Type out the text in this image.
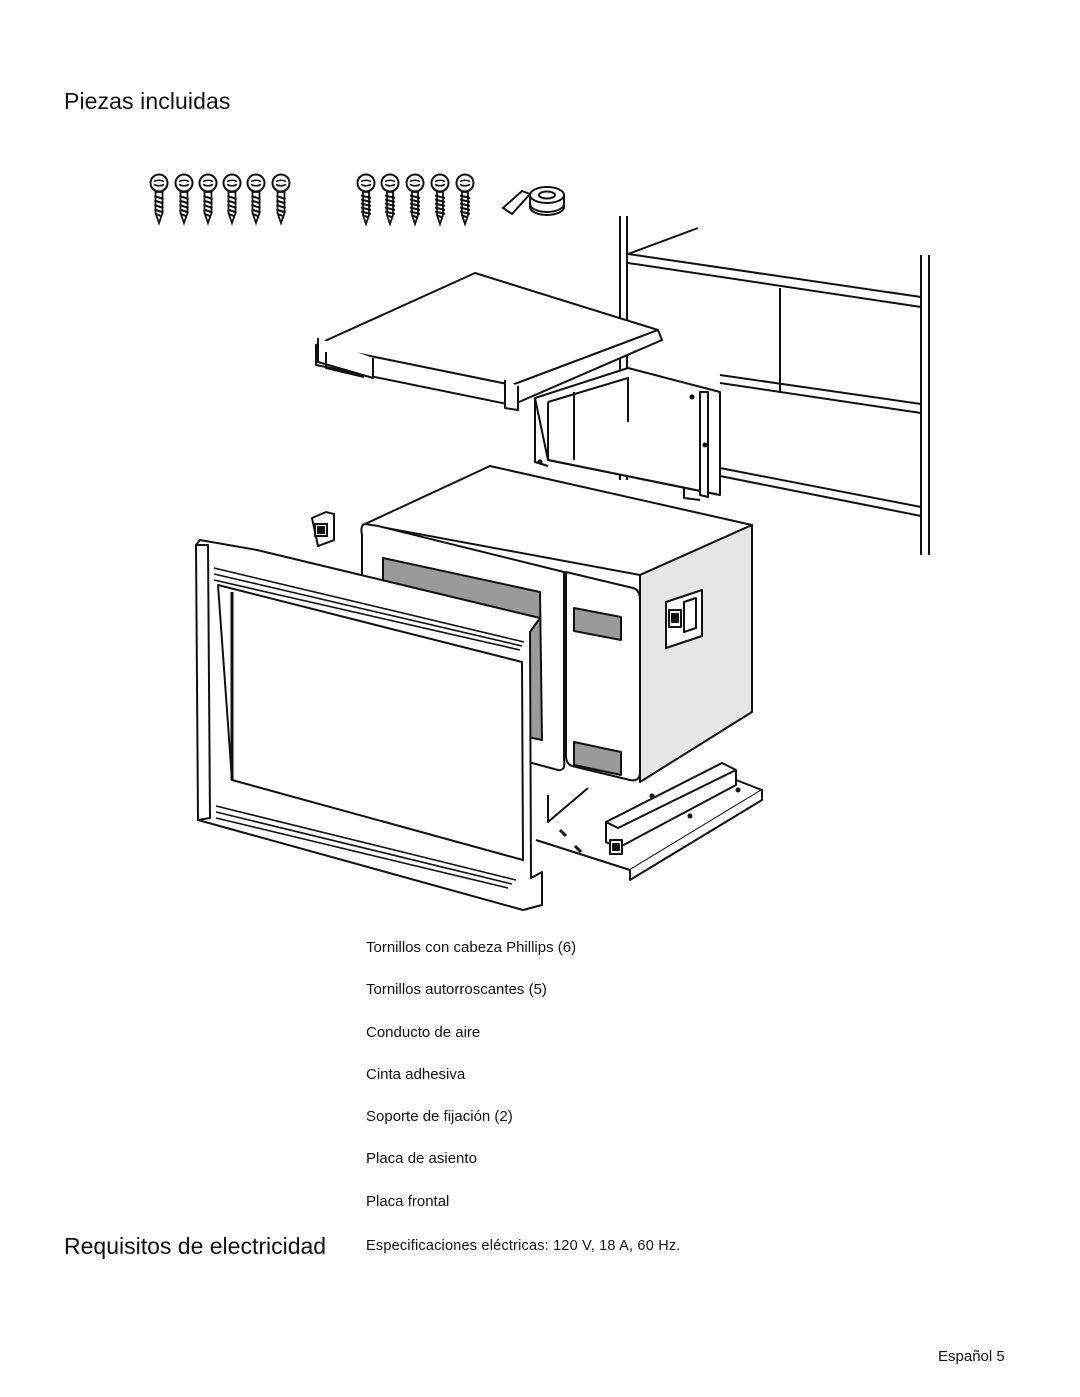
Piezas incluidas
Tornillos con cabeza Phillips (6)
Tornillos autorroscantes (5)
Conducto de aire
Cinta adhesiva
Soporte de fijación (2)
Placa de asiento
Placa frontal
Requisitos de electricidad	Especificaciones eléctricas: 120 V, 18 A, 60 Hz.
Español 5
